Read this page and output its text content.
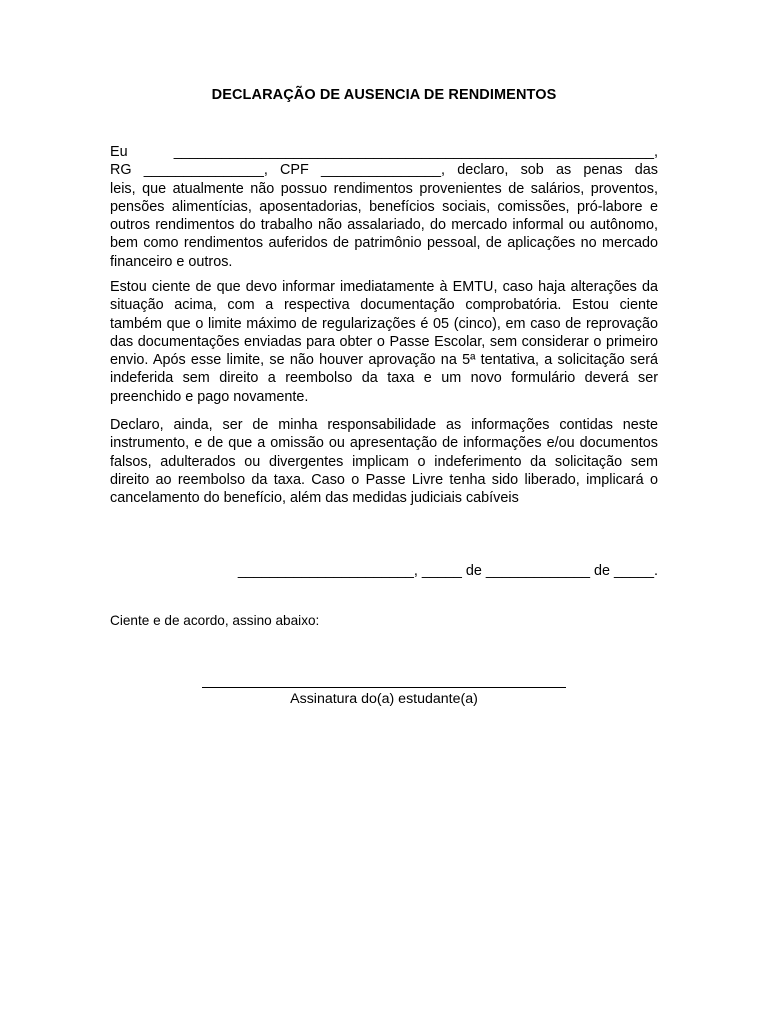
DECLARAÇÃO DE AUSENCIA DE RENDIMENTOS
Eu	____________________________________________________________,
RG _______________, CPF _______________, declaro, sob as penas das
leis, que atualmente não possuo rendimentos provenientes de salários, proventos, pensões alimentícias, aposentadorias, benefícios sociais, comissões, pró-labore e outros rendimentos do trabalho não assalariado, do mercado informal ou autônomo, bem como rendimentos auferidos de patrimônio pessoal, de aplicações no mercado financeiro e outros.

Estou ciente de que devo informar imediatamente à EMTU, caso haja alterações da situação acima, com a respectiva documentação comprobatória. Estou ciente também que o limite máximo de regularizações é 05 (cinco), em caso de reprovação das documentações enviadas para obter o Passe Escolar, sem considerar o primeiro envio. Após esse limite, se não houver aprovação na 5ª tentativa, a solicitação será indeferida sem direito a reembolso da taxa e um novo formulário deverá ser preenchido e pago novamente.

Declaro, ainda, ser de minha responsabilidade as informações contidas neste instrumento, e de que a omissão ou apresentação de informações e/ou documentos falsos, adulterados ou divergentes implicam o indeferimento da solicitação sem direito ao reembolso da taxa. Caso o Passe Livre tenha sido liberado, implicará o cancelamento do benefício, além das medidas judiciais cabíveis

______________________, _____ de _____________ de _____.
Ciente e de acordo, assino abaixo:
Assinatura do(a) estudante(a)
